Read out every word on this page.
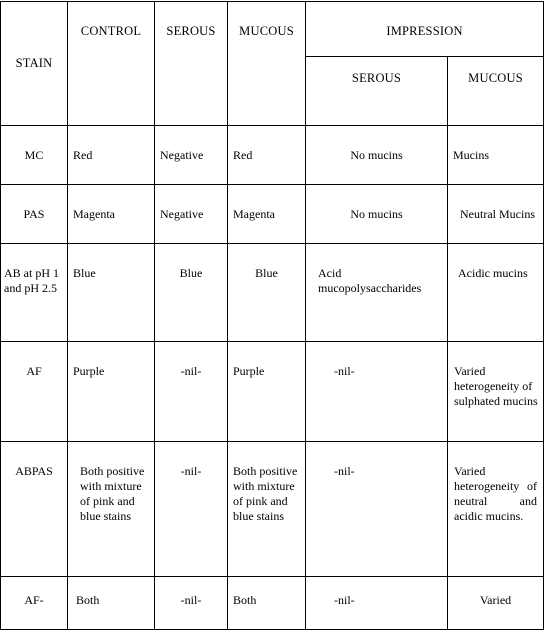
STAIN	CONTROL	SEROUS	MUCOUS	IMPRESSION	
				SEROUS	MUCOUS
MC	Red	Negative	Red	No mucins	Mucins
PAS	Magenta	Negative	Magenta	No mucins	Neutral Mucins
AB at pH 1 and pH 2.5	Blue	Blue	Blue	Acid mucopolysaccharides	Acidic mucins
AF	Purple	-nil-	Purple	-nil-	Varied heterogeneity of sulphated mucins
ABPAS	Both positive with mixture of pink and blue stains	-nil-	Both positive with mixture of pink and blue stains	-nil-	Varied heterogeneity of neutral and acidic mucins.
AF-	Both	-nil-	Both	-nil-	Varied
